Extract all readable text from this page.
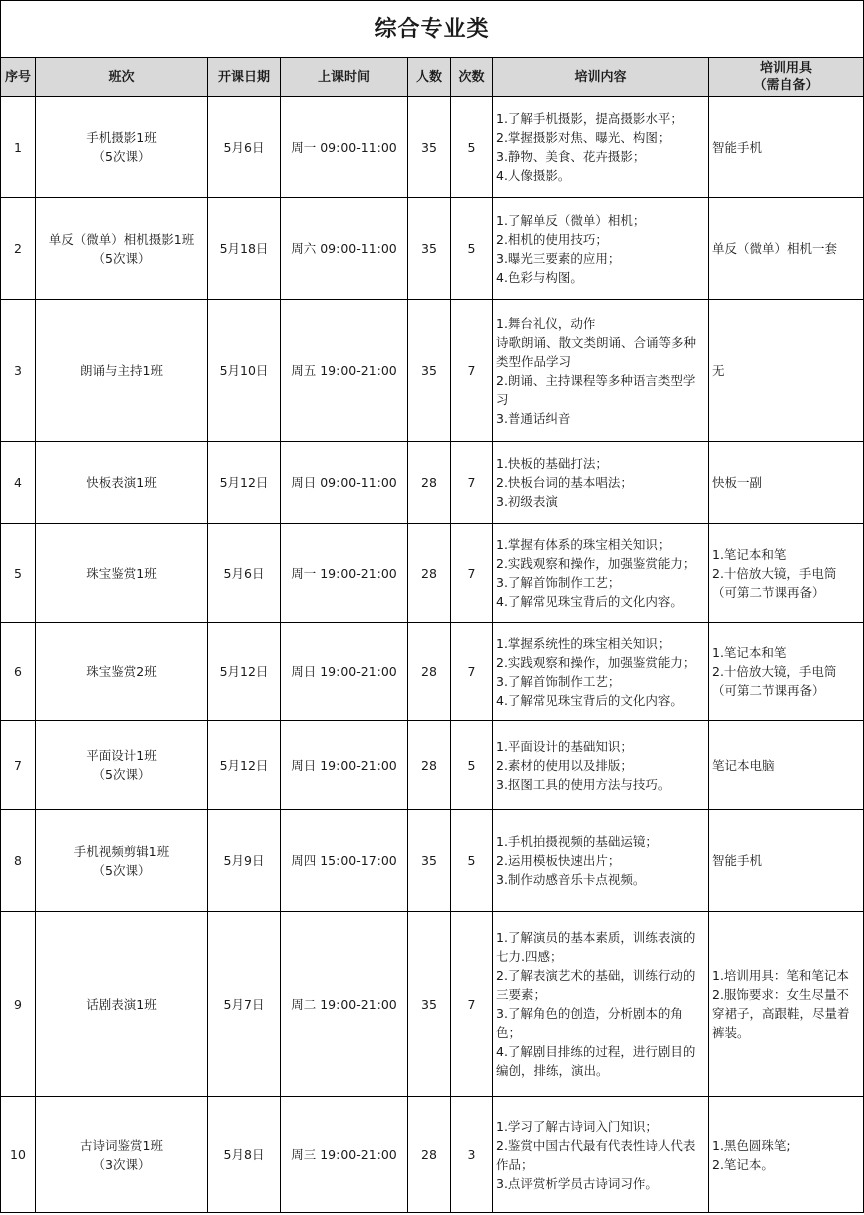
综合专业类							
序号	班次	开课日期	上课时间	人数	次数	培训内容	培训用具
（需自备）

1	手机摄影1班
（5次课）	5月6日	周一 09:00-11:00	35	5	1.了解手机摄影，提高摄影水平；
2.掌握摄影对焦、曝光、构图；
3.静物、美食、花卉摄影；
4.人像摄影。	智能手机

2	单反（微单）相机摄影1班
（5次课）	5月18日	周六 09:00-11:00	35	5	1.了解单反（微单）相机；
2.相机的使用技巧；
3.曝光三要素的应用；
4.色彩与构图。	单反（微单）相机一套

3	朗诵与主持1班	5月10日	周五 19:00-21:00	35	7	1.舞台礼仪，动作
诗歌朗诵、散文类朗诵、合诵等多种类型作品学习
2.朗诵、主持课程等多种语言类型学习
3.普通话纠音	无

4	快板表演1班	5月12日	周日 09:00-11:00	28	7	1.快板的基础打法；
2.快板台词的基本唱法；
3.初级表演	快板一副

5	珠宝鉴赏1班	5月6日	周一 19:00-21:00	28	7	1.掌握有体系的珠宝相关知识；
2.实践观察和操作，加强鉴赏能力；
3.了解首饰制作工艺；
4.了解常见珠宝背后的文化内容。	1.笔记本和笔
2.十倍放大镜，手电筒（可第二节课再备）

6	珠宝鉴赏2班	5月12日	周日 19:00-21:00	28	7	1.掌握系统性的珠宝相关知识；
2.实践观察和操作，加强鉴赏能力；
3.了解首饰制作工艺；
4.了解常见珠宝背后的文化内容。	1.笔记本和笔
2.十倍放大镜，手电筒（可第二节课再备）

7	平面设计1班
（5次课）	5月12日	周日 19:00-21:00	28	5	1.平面设计的基础知识；
2.素材的使用以及排版；
3.抠图工具的使用方法与技巧。	笔记本电脑

8	手机视频剪辑1班
（5次课）	5月9日	周四 15:00-17:00	35	5	1.手机拍摄视频的基础运镜；
2.运用模板快速出片；
3.制作动感音乐卡点视频。	智能手机

9	话剧表演1班	5月7日	周二 19:00-21:00	35	7	1.了解演员的基本素质，训练表演的七力.四感；
2.了解表演艺术的基础，训练行动的三要素；
3.了解角色的创造，分析剧本的角色；
4.了解剧目排练的过程，进行剧目的编创，排练，演出。	1.培训用具：笔和笔记本
2.服饰要求：女生尽量不穿裙子，高跟鞋，尽量着裤装。

10	古诗词鉴赏1班
（3次课）	5月8日	周三 19:00-21:00	28	3	1.学习了解古诗词入门知识；
2.鉴赏中国古代最有代表性诗人代表作品；
3.点评赏析学员古诗词习作。	1.黑色圆珠笔;
2.笔记本。
